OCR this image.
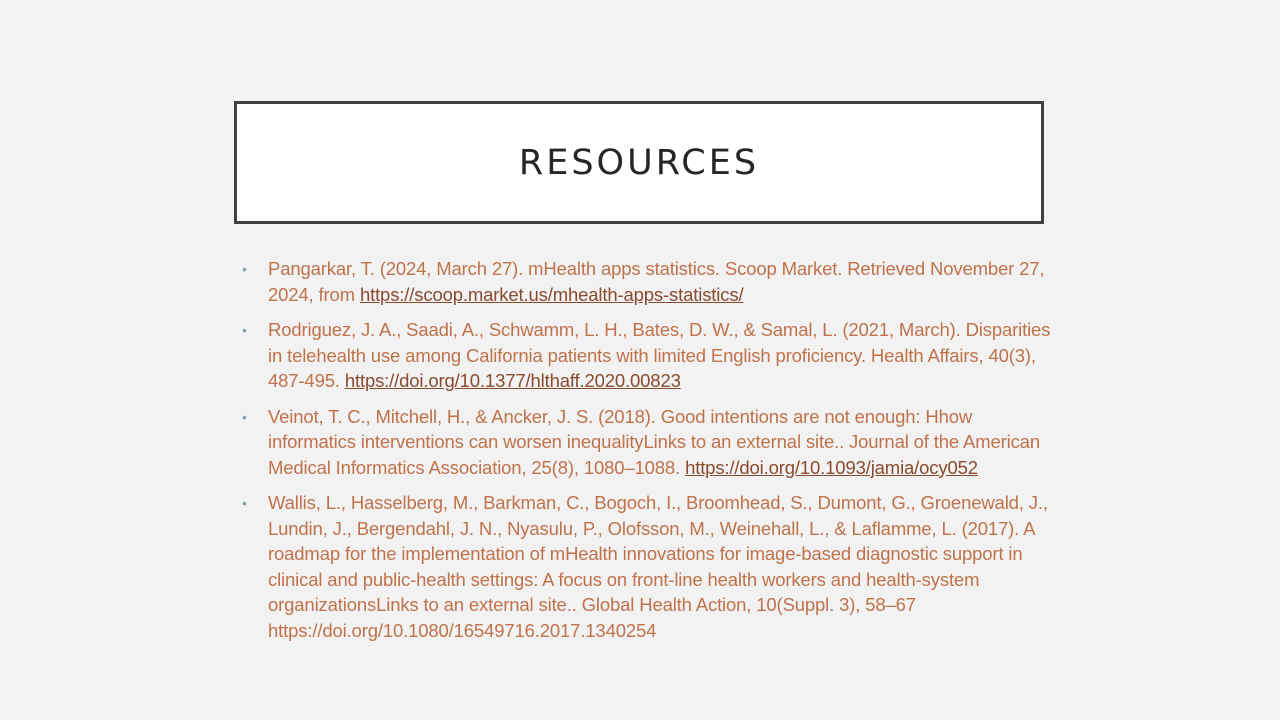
RESOURCES
• Pangarkar, T. (2024, March 27). mHealth apps statistics. Scoop Market. Retrieved November 27, 2024, from https://scoop.market.us/mhealth-apps-statistics/
• Rodriguez, J. A., Saadi, A., Schwamm, L. H., Bates, D. W., & Samal, L. (2021, March). Disparities in telehealth use among California patients with limited English proficiency. Health Affairs, 40(3), 487-495. https://doi.org/10.1377/hlthaff.2020.00823
• Veinot, T. C., Mitchell, H., & Ancker, J. S. (2018). Good intentions are not enough: Hhow informatics interventions can worsen inequalityLinks to an external site.. Journal of the American Medical Informatics Association, 25(8), 1080–1088. https://doi.org/10.1093/jamia/ocy052
• Wallis, L., Hasselberg, M., Barkman, C., Bogoch, I., Broomhead, S., Dumont, G., Groenewald, J., Lundin, J., Bergendahl, J. N., Nyasulu, P., Olofsson, M., Weinehall, L., & Laflamme, L. (2017). A roadmap for the implementation of mHealth innovations for image-based diagnostic support in clinical and public-health settings: A focus on front-line health workers and health-system organizationsLinks to an external site.. Global Health Action, 10(Suppl. 3), 58–67 https://doi.org/10.1080/16549716.2017.1340254
